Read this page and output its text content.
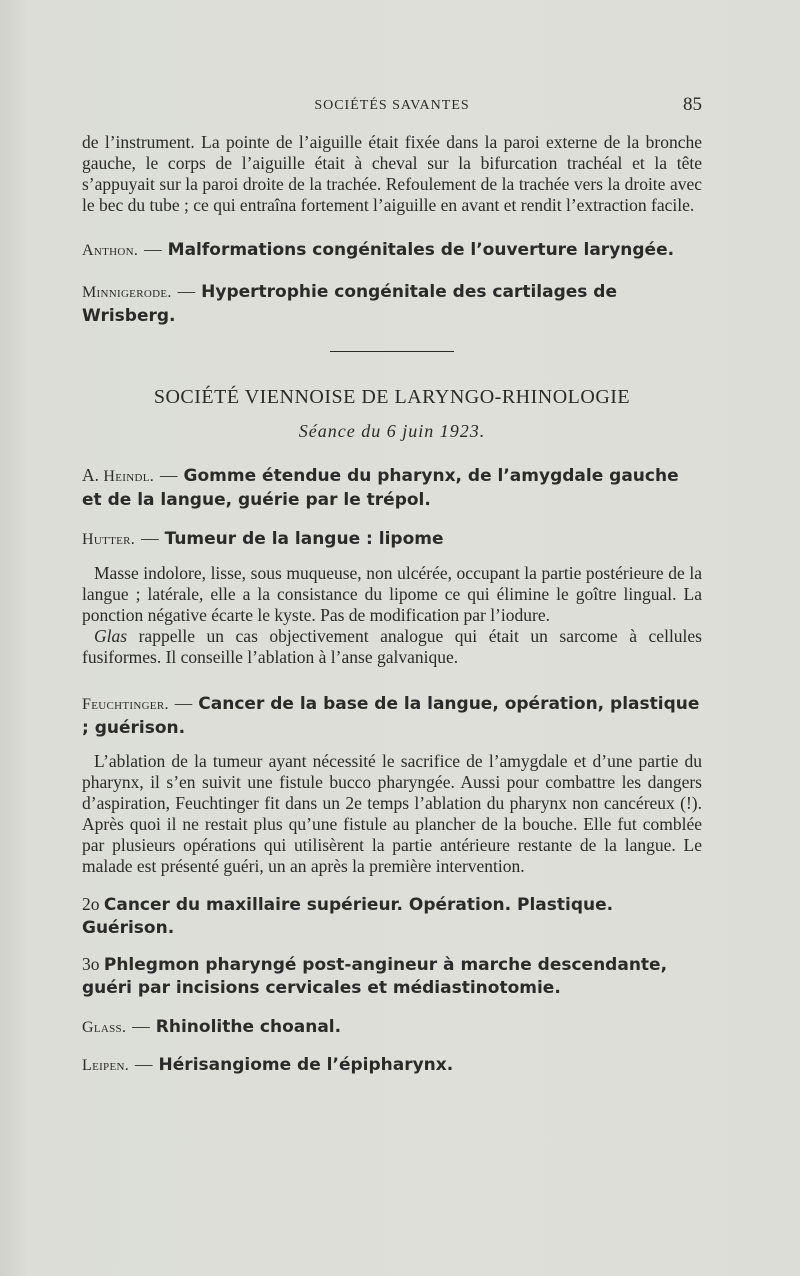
SOCIÉTÉS SAVANTES	85

de l’instrument. La pointe de l’aiguille était fixée dans la paroi externe de la bronche gauche, le corps de l’aiguille était à cheval sur la bifurcation trachéal et la tête s’appuyait sur la paroi droite de la trachée. Refoulement de la trachée vers la droite avec le bec du tube ; ce qui entraîna fortement l’aiguille en avant et rendit l’extraction facile.

Anthon. — Malformations congénitales de l’ouverture laryngée.

Minnigerode. — Hypertrophie congénitale des cartilages de Wrisberg.

SOCIÉTÉ VIENNOISE DE LARYNGO-RHINOLOGIE

Séance du 6 juin 1923.

A. Heindl. — Gomme étendue du pharynx, de l’amygdale gauche et de la langue, guérie par le trépol.

Hutter. — Tumeur de la langue : lipome

Masse indolore, lisse, sous muqueuse, non ulcérée, occupant la partie postérieure de la langue ; latérale, elle a la consistance du lipome ce qui élimine le goître lingual. La ponction négative écarte le kyste. Pas de modification par l’iodure.

Glas rappelle un cas objectivement analogue qui était un sarcome à cellules fusiformes. Il conseille l’ablation à l’anse galvanique.

Feuchtinger. — Cancer de la base de la langue, opération, plastique ; guérison.

L’ablation de la tumeur ayant nécessité le sacrifice de l’amygdale et d’une partie du pharynx, il s’en suivit une fistule bucco pharyngée. Aussi pour combattre les dangers d’aspiration, Feuchtinger fit dans un 2e temps l’ablation du pharynx non cancéreux (!). Après quoi il ne restait plus qu’une fistule au plancher de la bouche. Elle fut comblée par plusieurs opérations qui utilisèrent la partie antérieure restante de la langue. Le malade est présenté guéri, un an après la première intervention.

2o Cancer du maxillaire supérieur. Opération. Plastique. Guérison.

3o Phlegmon pharyngé post-angineur à marche descendante, guéri par incisions cervicales et médiastinotomie.

Glass. — Rhinolithe choanal.

Leipen. — Hérisangiome de l’épipharynx.
